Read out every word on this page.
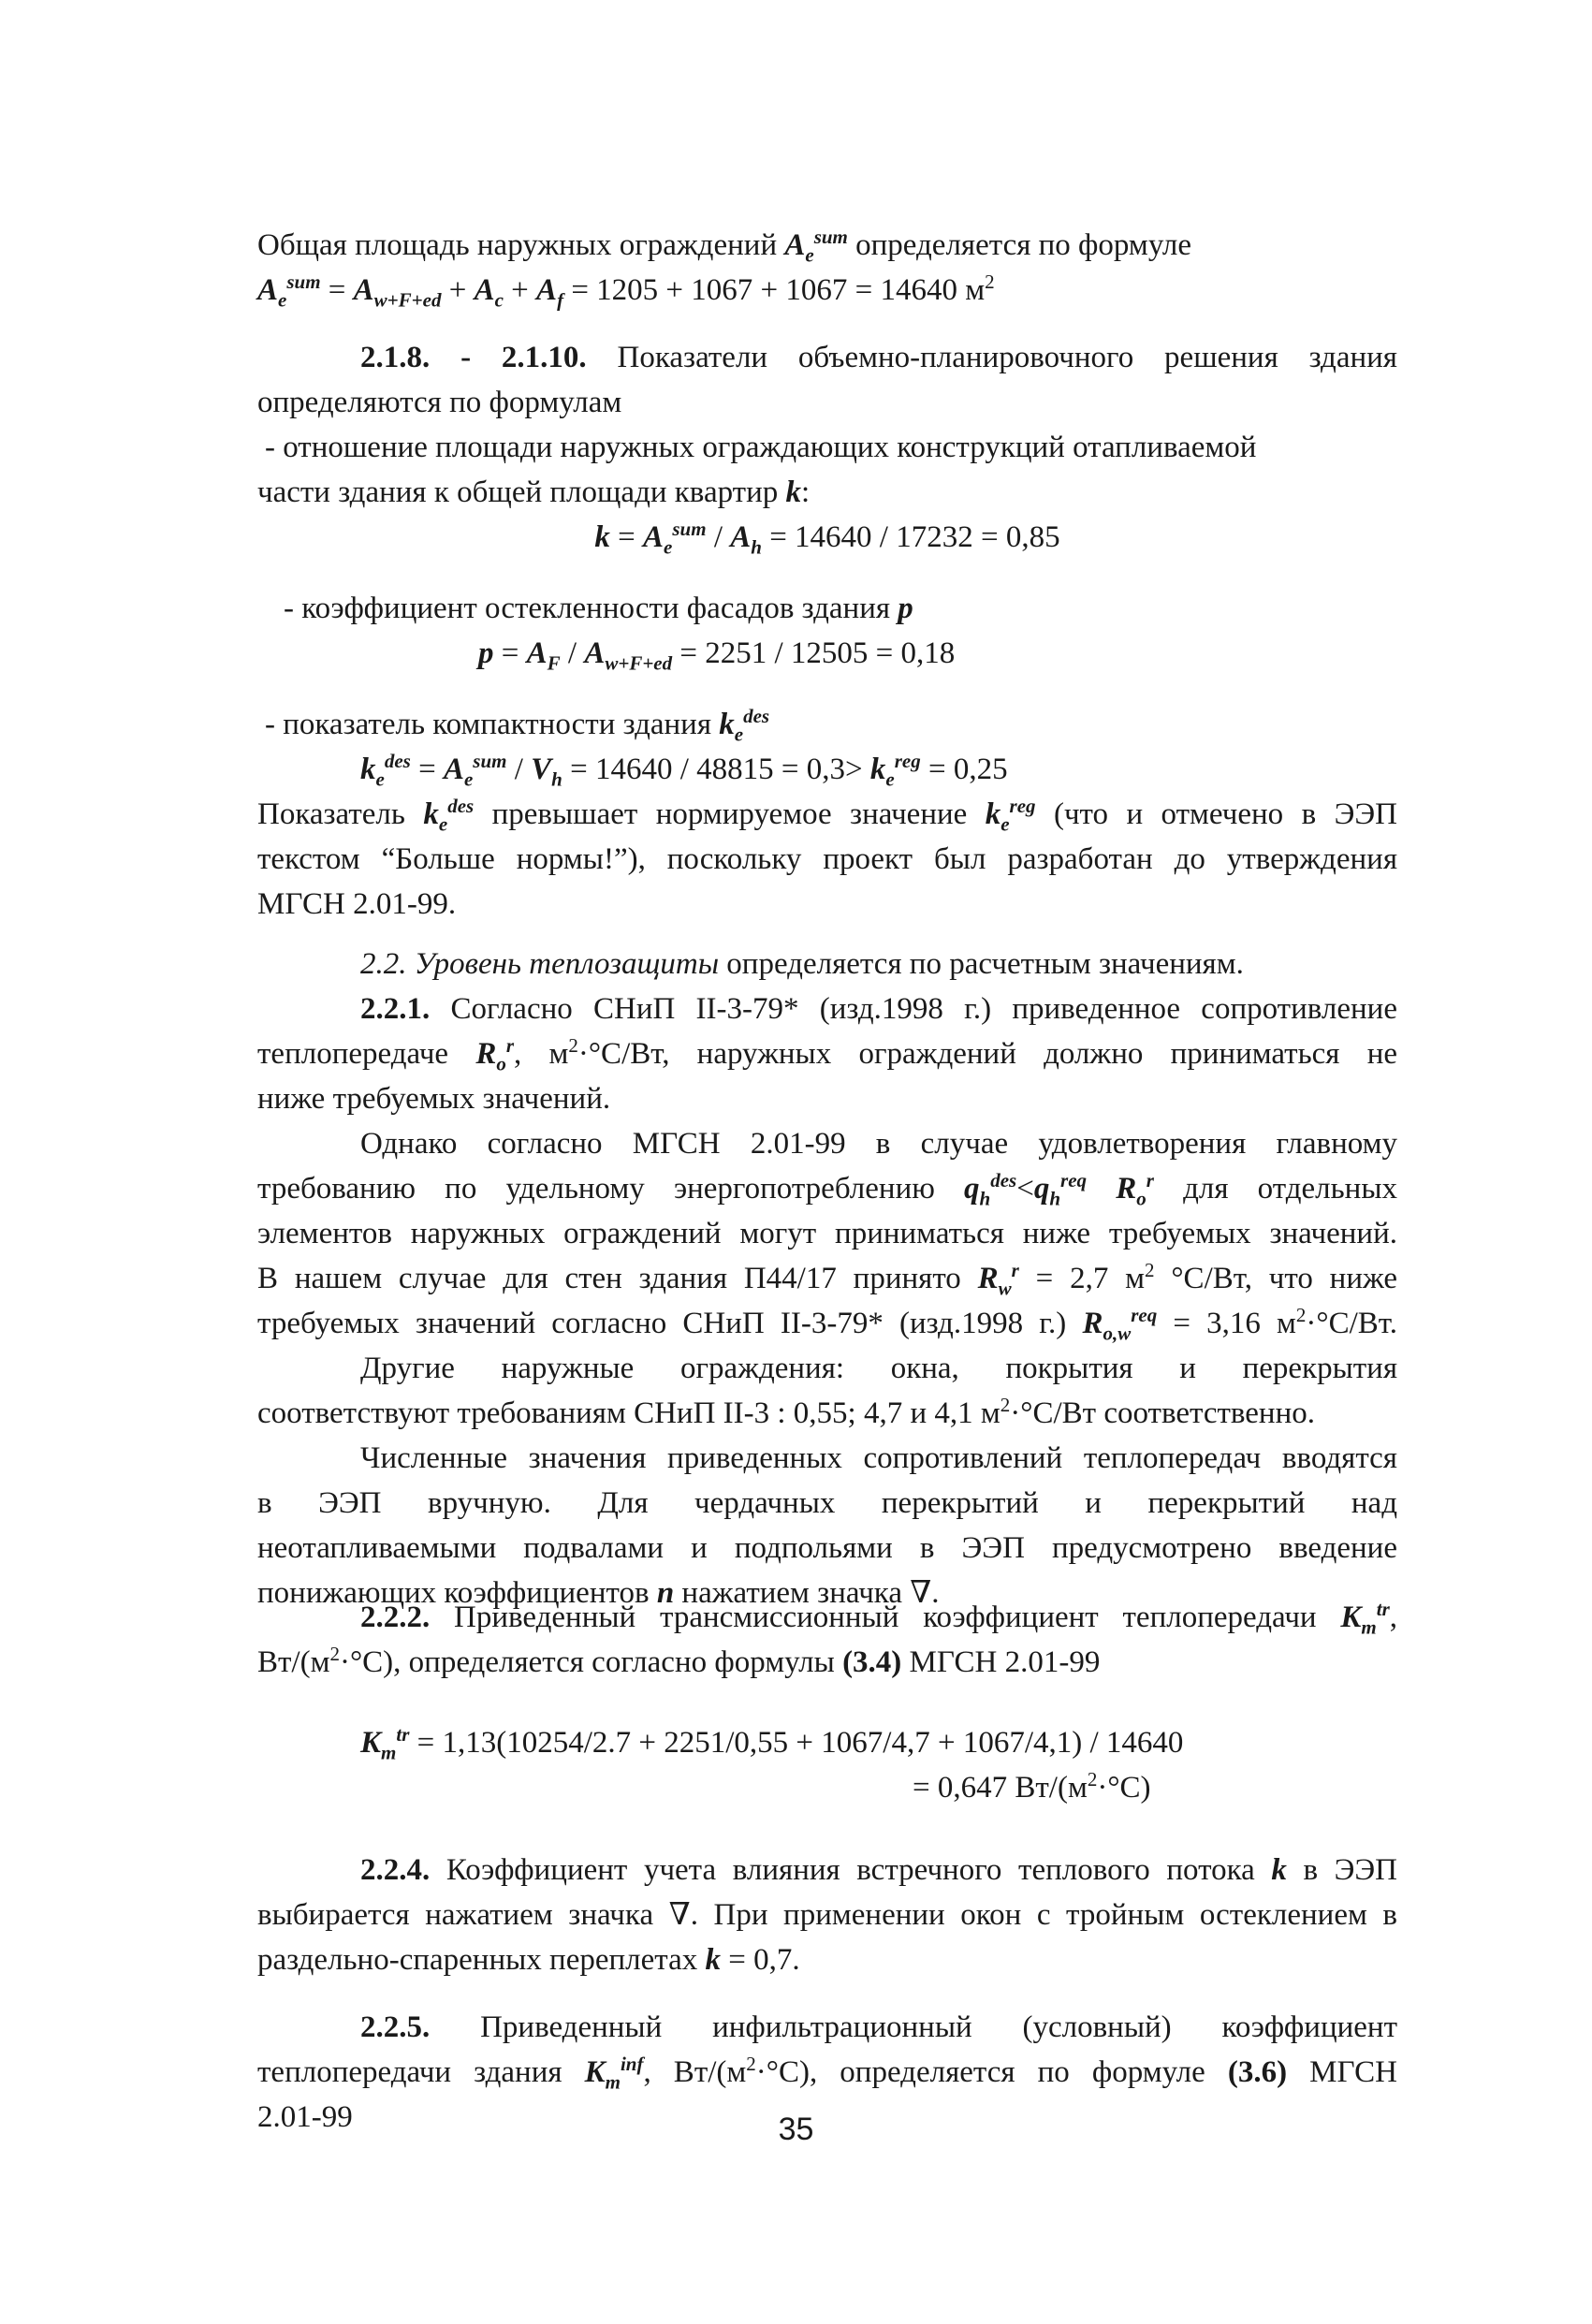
Общая площадь наружных ограждений $A_e^{sum}$ определяется по формуле

$A_e^{sum} = A_{w+F+ed} + A_c + A_f = 1205 + 1067 + 1067 = 14640$ $м^2$

2.1.8. - 2.1.10. Показатели объемно-планировочного решения здания

определяются по формулам

- отношение площади наружных ограждающих конструкций отапливаемой

части здания к общей площади квартир k:

$k = A_e^{sum} / A_h = 14640 / 17232 = 0,85$

- коэффициент остекленности фасадов здания p

$p = A_F / A_{w+F+ed} = 2251 / 12505 = 0,18$

- показатель компактности здания $k_e^{des}$

$k_e^{des} = A_e^{sum} / V_h = 14640 / 48815 = 0,3> k_e^{reg} = 0,25$

Показатель $k_e^{des}$ превышает нормируемое значение $k_e^{reg}$ (что и отмечено в ЭЭП

текстом “Больше нормы!”), поскольку проект был разработан до утверждения

МГСН 2.01-99.

2.2. Уровень теплозащиты определяется по расчетным значениям.

2.2.1. Согласно СНиП II-3-79* (изд.1998 г.) приведенное сопротивление

теплопередаче $R_o^r$, $м^2\cdot^\circ С/Вт$, наружных ограждений должно приниматься не

ниже требуемых значений.

Однако согласно МГСН 2.01-99 в случае удовлетворения главному

требованию по удельному энергопотреблению $q_h^{des}<q_h^{req}$ $R_o^r$ для отдельных

элементов наружных ограждений могут приниматься ниже требуемых значений.

В нашем случае для стен здания П44/17 принято $R_w^r = 2,7$ $м^2$ °С/Вт, что ниже

требуемых значений согласно СНиП II-3-79* (изд.1998 г.) $R_{o,w}^{req} = 3,16$ $м^2\cdot^\circ С/Вт$.

Другие наружные ограждения: окна, покрытия и перекрытия

соответствуют требованиям СНиП II-3 : 0,55; 4,7 и 4,1 $м^2\cdot^\circ С/Вт$ соответственно.

Численные значения приведенных сопротивлений теплопередач вводятся

в ЭЭП вручную. Для чердачных перекрытий и перекрытий над

неотапливаемыми подвалами и подпольями в ЭЭП предусмотрено введение

понижающих коэффициентов n нажатием значка ∇.

2.2.2. Приведенный трансмиссионный коэффициент теплопередачи $K_m^{tr}$,

$Вт/(м^2\cdot^\circ С)$, определяется согласно формулы (3.4) МГСН 2.01-99

$K_m^{tr} = 1,13(10254/2.7 + 2251/0,55 + 1067/4,7 + 1067/4,1) / 14640$

= 0,647 $Вт/(м^2\cdot^\circ С)$

2.2.4. Коэффициент учета влияния встречного теплового потока k в ЭЭП

выбирается нажатием значка ∇. При применении окон с тройным остеклением в

раздельно-спаренных переплетах k = 0,7.

2.2.5. Приведенный инфильтрационный (условный) коэффициент

теплопередачи здания $K_m^{inf}$, $Вт/(м^2\cdot^\circ С)$, определяется по формуле (3.6) МГСН

2.01-99	35
